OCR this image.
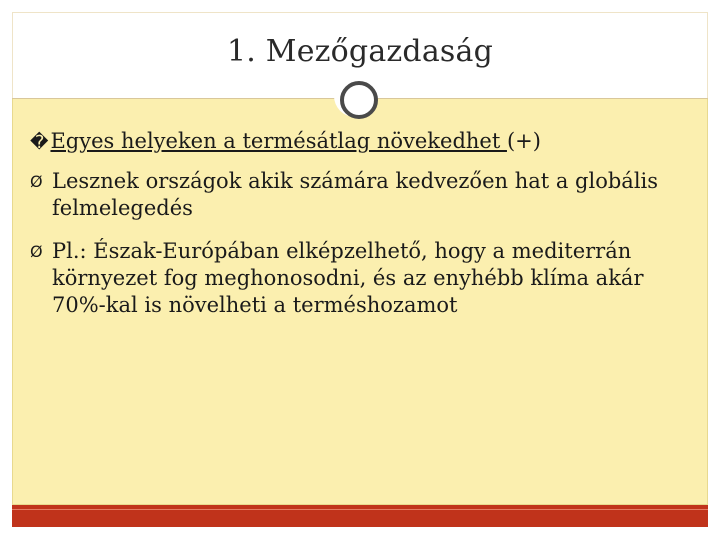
1. Mezőgazdaság
�Egyes helyeken a termésátlag növekedhet (+)
Ø Lesznek országok akik számára kedvezően hat a globális felmelegedés
Ø Pl.: Észak-Európában elképzelhető, hogy a mediterrán környezet fog meghonosodni, és az enyhébb klíma akár 70%-kal is növelheti a terméshozamot
